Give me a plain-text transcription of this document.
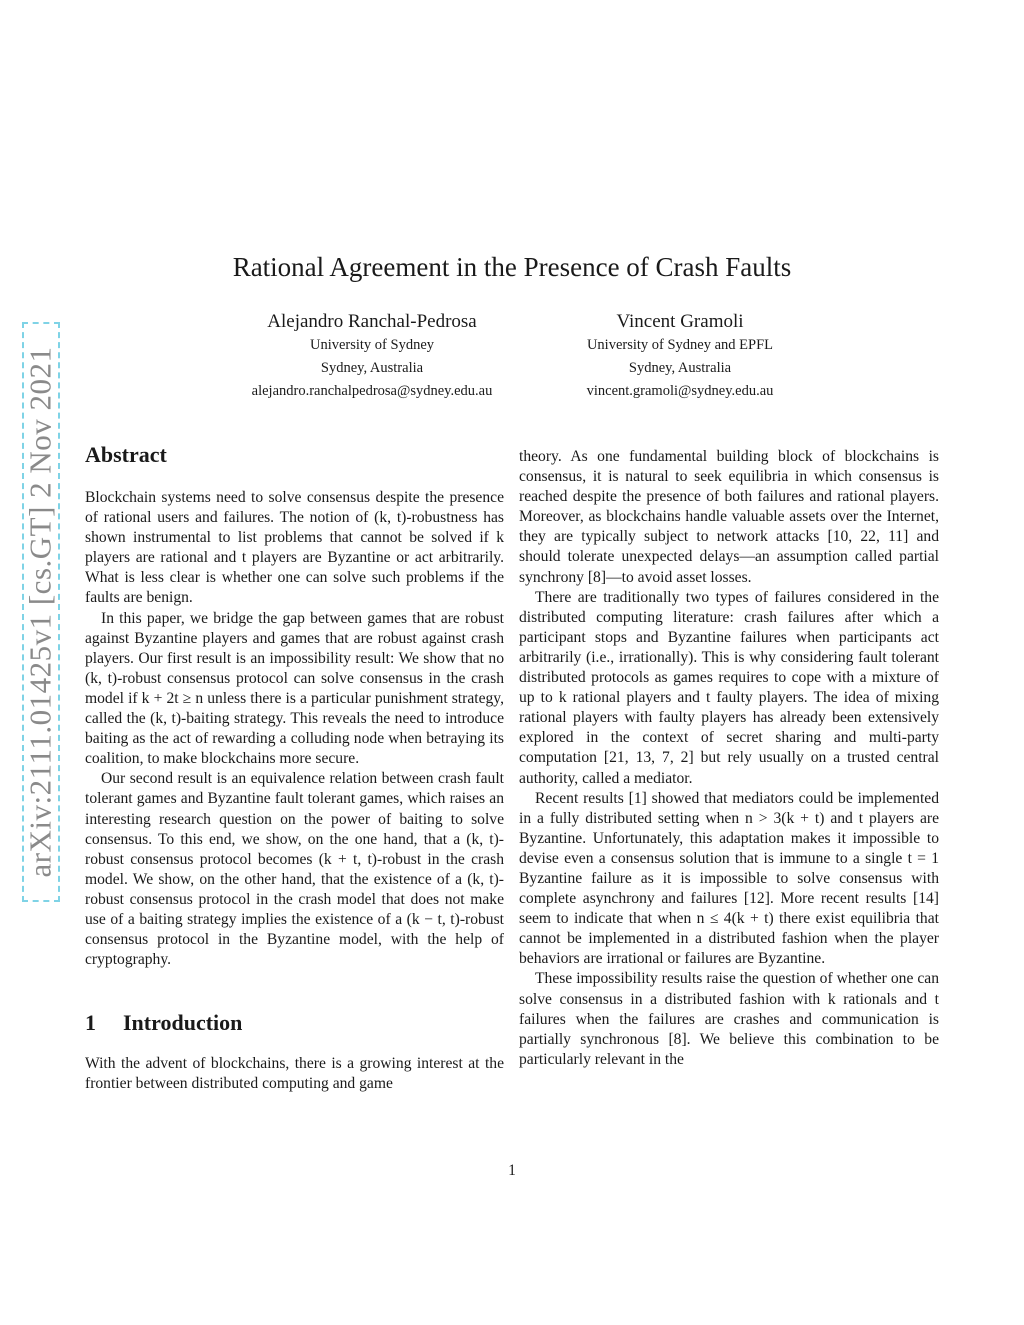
arXiv:2111.01425v1 [cs.GT] 2 Nov 2021
Rational Agreement in the Presence of Crash Faults
Alejandro Ranchal-Pedrosa
University of Sydney
Sydney, Australia
alejandro.ranchalpedrosa@sydney.edu.au
Vincent Gramoli
University of Sydney and EPFL
Sydney, Australia
vincent.gramoli@sydney.edu.au
Abstract

Blockchain systems need to solve consensus despite the presence of rational users and failures. The notion of (k, t)-robustness has shown instrumental to list problems that cannot be solved if k players are rational and t players are Byzantine or act arbitrarily. What is less clear is whether one can solve such problems if the faults are benign.

In this paper, we bridge the gap between games that are robust against Byzantine players and games that are robust against crash players. Our first result is an impossibility result: We show that no (k, t)-robust consensus protocol can solve consensus in the crash model if k + 2t ≥ n unless there is a particular punishment strategy, called the (k, t)-baiting strategy. This reveals the need to introduce baiting as the act of rewarding a colluding node when betraying its coalition, to make blockchains more secure.

Our second result is an equivalence relation between crash fault tolerant games and Byzantine fault tolerant games, which raises an interesting research question on the power of baiting to solve consensus. To this end, we show, on the one hand, that a (k, t)-robust consensus protocol becomes (k + t, t)-robust in the crash model. We show, on the other hand, that the existence of a (k, t)-robust consensus protocol in the crash model that does not make use of a baiting strategy implies the existence of a (k − t, t)-robust consensus protocol in the Byzantine model, with the help of cryptography.

1 Introduction

With the advent of blockchains, there is a growing interest at the frontier between distributed computing and game

theory. As one fundamental building block of blockchains is consensus, it is natural to seek equilibria in which consensus is reached despite the presence of both failures and rational players. Moreover, as blockchains handle valuable assets over the Internet, they are typically subject to network attacks [10, 22, 11] and should tolerate unexpected delays—an assumption called partial synchrony [8]—to avoid asset losses.

There are traditionally two types of failures considered in the distributed computing literature: crash failures after which a participant stops and Byzantine failures when participants act arbitrarily (i.e., irrationally). This is why considering fault tolerant distributed protocols as games requires to cope with a mixture of up to k rational players and t faulty players. The idea of mixing rational players with faulty players has already been extensively explored in the context of secret sharing and multi-party computation [21, 13, 7, 2] but rely usually on a trusted central authority, called a mediator.

Recent results [1] showed that mediators could be implemented in a fully distributed setting when n > 3(k + t) and t players are Byzantine. Unfortunately, this adaptation makes it impossible to devise even a consensus solution that is immune to a single t = 1 Byzantine failure as it is impossible to solve consensus with complete asynchrony and failures [12]. More recent results [14] seem to indicate that when n ≤ 4(k + t) there exist equilibria that cannot be implemented in a distributed fashion when the player behaviors are irrational or failures are Byzantine.

These impossibility results raise the question of whether one can solve consensus in a distributed fashion with k rationals and t failures when the failures are crashes and communication is partially synchronous [8]. We believe this combination to be particularly relevant in the

1
